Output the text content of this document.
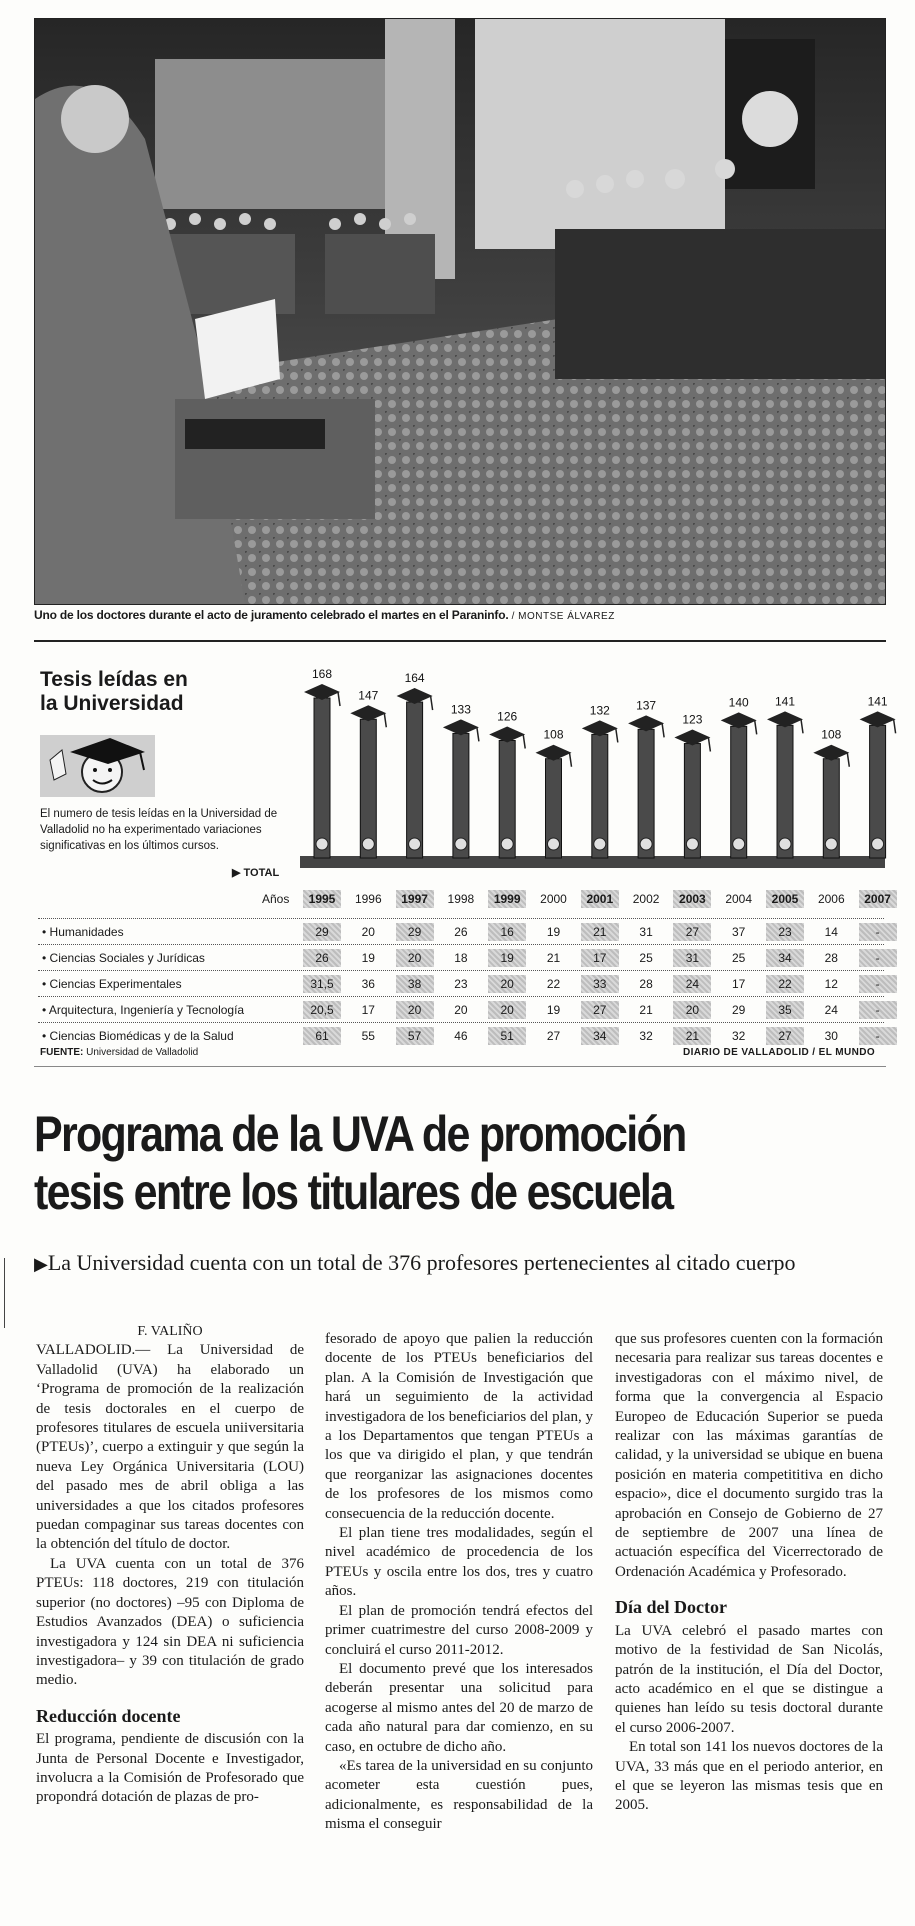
Uno de los doctores durante el acto de juramento celebrado el martes en el Paraninfo. / MONTSE ÁLVAREZ
Tesis leídas en
la Universidad
El numero de tesis leídas en la Universidad de Valladolid no ha experimentado variaciones significativas en los últimos cursos.
168
147
164
133
126
108
132 137
123
140 141
108
141
▶ TOTAL
Años	1995	1996	1997	1998	1999	2000	2001	2002	2003	2004	2005	2006	2007
• Humanidades	29	20	29	26	16	19	21	31	27	37	23	14	-
• Ciencias Sociales y Jurídicas	26	19	20	18	19	21	17	25	31	25	34	28	-
• Ciencias Experimentales	31,5	36	38	23	20	22	33	28	24	17	22	12	-
• Arquitectura, Ingeniería y Tecnología	20,5	17	20	20	20	19	27	21	20	29	35	24	-
• Ciencias Biomédicas y de la Salud	61	55	57	46	51	27	34	32	21	32	27	30	-
FUENTE: Universidad de Valladolid	DIARIO DE VALLADOLID / EL MUNDO
Programa de la UVA de promoción
tesis entre los titulares de escuela
▶La Universidad cuenta con un total de 376 profesores pertenecientes al citado cuerpo
F. VALIÑO

VALLADOLID.— La Universidad de Valladolid (UVA) ha elaborado un ‘Programa de promoción de la realización de tesis doctorales en el cuerpo de profesores titulares de escuela uniiversitaria (PTEUs)’, cuerpo a extinguir y que según la nueva Ley Orgánica Universitaria (LOU) del pasado mes de abril obliga a las universidades a que los citados profesores puedan compaginar sus tareas docentes con la obtención del título de doctor.

La UVA cuenta con un total de 376 PTEUs: 118 doctores, 219 con titulación superior (no doctores) –95 con Diploma de Estudios Avanzados (DEA) o suficiencia investigadora y 124 sin DEA ni suficiencia investigadora– y 39 con titulación de grado medio.

Reducción docente

El programa, pendiente de discusión con la Junta de Personal Docente e Investigador, involucra a la Comisión de Profesorado que propondrá dotación de plazas de pro-

fesorado de apoyo que palien la reducción docente de los PTEUs beneficiarios del plan. A la Comisión de Investigación que hará un seguimiento de la actividad investigadora de los beneficiarios del plan, y a los Departamentos que tengan PTEUs a los que va dirigido el plan, y que tendrán que reorganizar las asignaciones docentes de los profesores de los mismos como consecuencia de la reducción docente.

El plan tiene tres modalidades, según el nivel académico de procedencia de los PTEUs y oscila entre los dos, tres y cuatro años.

El plan de promoción tendrá efectos del primer cuatrimestre del curso 2008-2009 y concluirá el curso 2011-2012.

El documento prevé que los interesados deberán presentar una solicitud para acogerse al mismo antes del 20 de marzo de cada año natural para dar comienzo, en su caso, en octubre de dicho año.

«Es tarea de la universidad en su conjunto acometer esta cuestión pues, adicionalmente, es responsabilidad de la misma el conseguir

que sus profesores cuenten con la formación necesaria para realizar sus tareas docentes e investigadoras con el máximo nivel, de forma que la convergencia al Espacio Europeo de Educación Superior se pueda realizar con las máximas garantías de calidad, y la universidad se ubique en buena posición en materia competititiva en dicho espacio», dice el documento surgido tras la aprobación en Consejo de Gobierno de 27 de septiembre de 2007 una línea de actuación específica del Vicerrectorado de Ordenación Académica y Profesorado.

Día del Doctor

La UVA celebró el pasado martes con motivo de la festividad de San Nicolás, patrón de la institución, el Día del Doctor, acto académico en el que se distingue a quienes han leído su tesis doctoral durante el curso 2006-2007.

En total son 141 los nuevos doctores de la UVA, 33 más que en el periodo anterior, en el que se leyeron las mismas tesis que en 2005.
